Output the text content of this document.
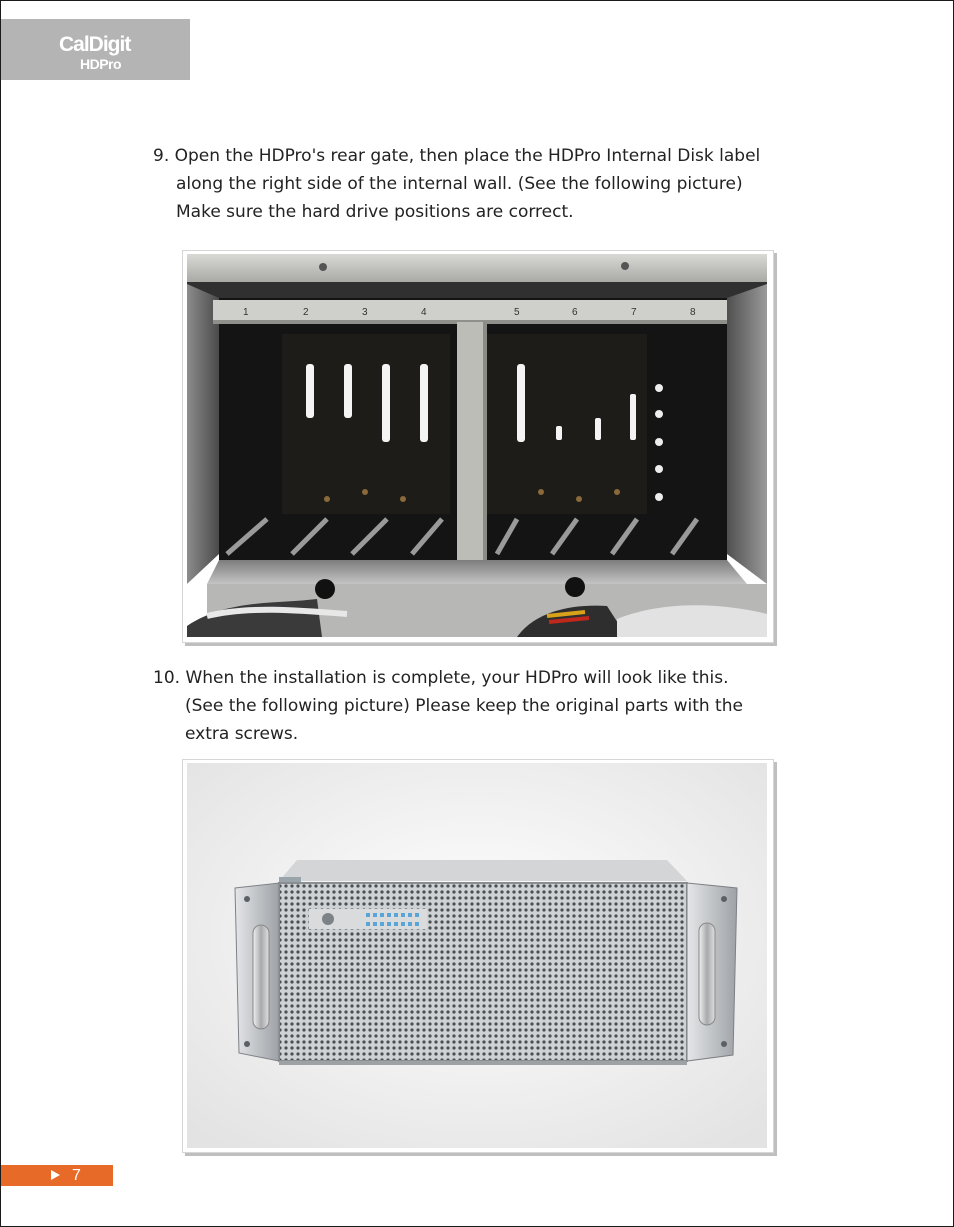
CalDigit
HDPro
9. Open the HDPro's rear gate, then place the HDPro Internal Disk label
along the right side of the internal wall. (See the following picture)
Make sure the hard drive positions are correct.
1	2	3	4	5	6	7	8
10. When the installation is complete, your HDPro will look like this.
(See the following picture) Please keep the original parts with the
extra screws.
7
